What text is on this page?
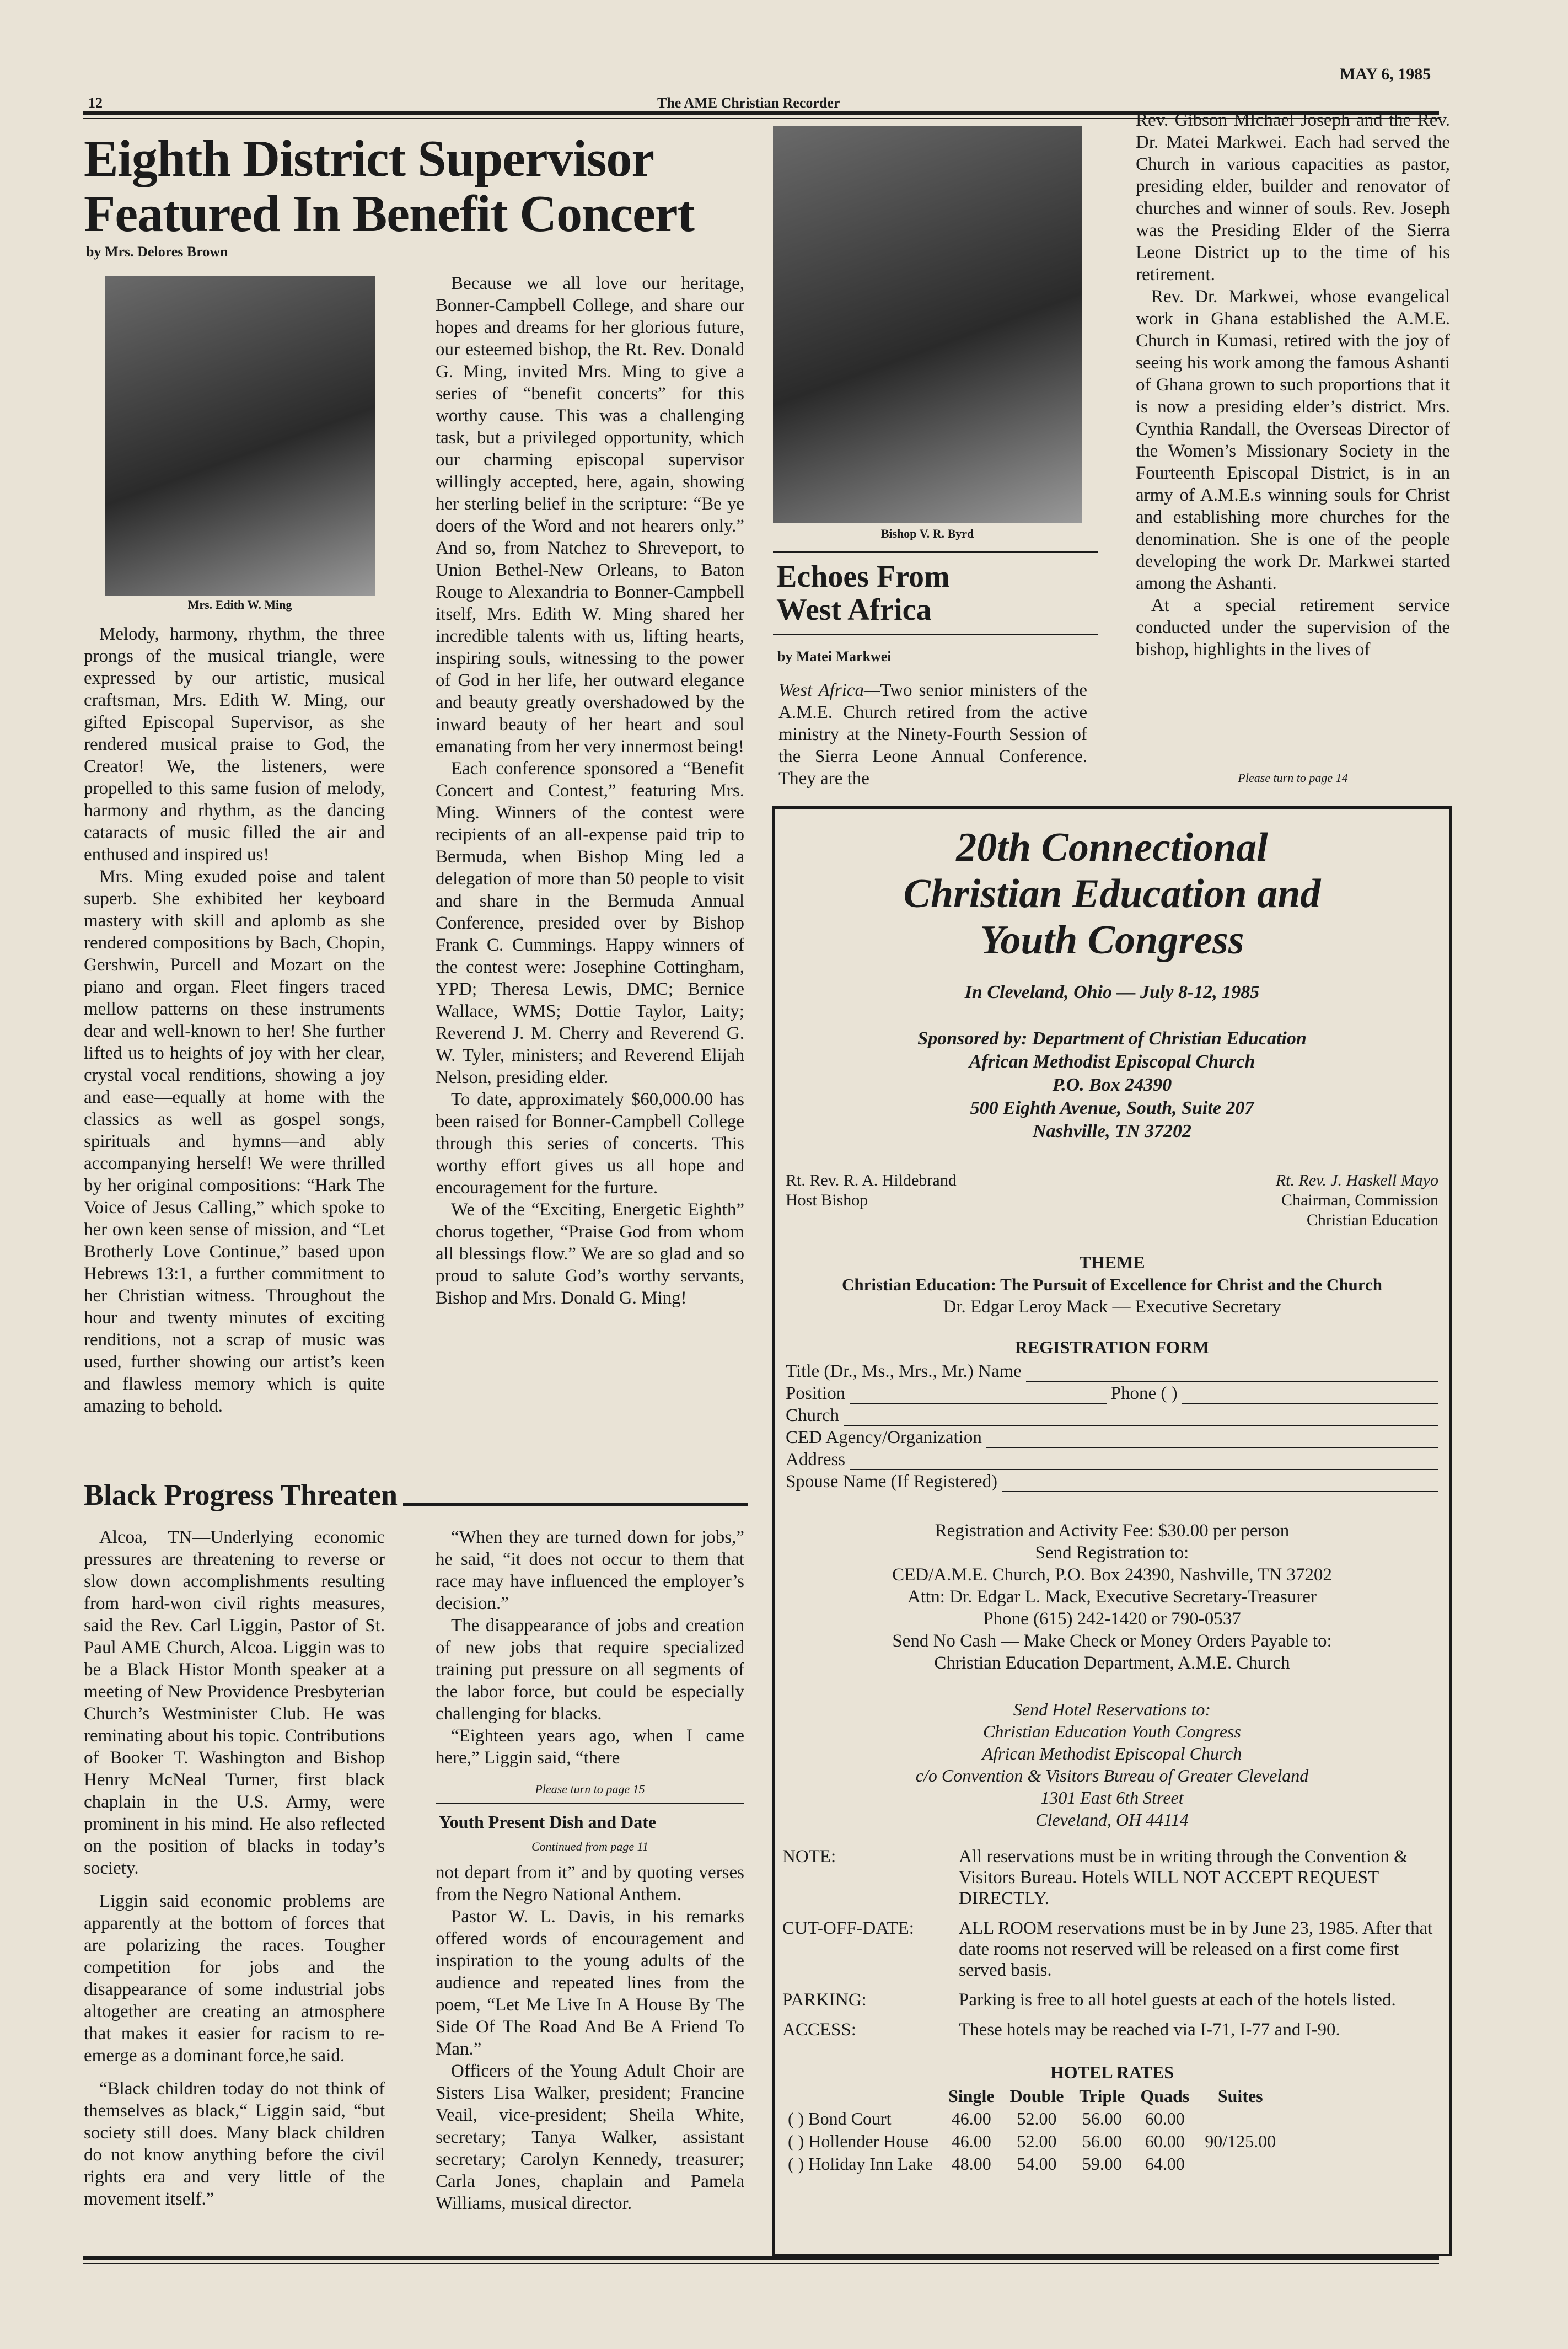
MAY 6, 1985
12	The AME Christian Recorder
Eighth District Supervisor
Featured In Benefit Concert
by Mrs. Delores Brown
Mrs. Edith W. Ming

Melody, harmony, rhythm, the three prongs of the musical triangle, were expressed by our artistic, musical craftsman, Mrs. Edith W. Ming, our gifted Episcopal Supervisor, as she rendered musical praise to God, the Creator! We, the listeners, were propelled to this same fusion of melody, harmony and rhythm, as the dancing cataracts of music filled the air and enthused and inspired us!

Mrs. Ming exuded poise and talent superb. She exhibited her keyboard mastery with skill and aplomb as she rendered compositions by Bach, Chopin, Gershwin, Purcell and Mozart on the piano and organ. Fleet fingers traced mellow patterns on these instruments dear and well-known to her! She further lifted us to heights of joy with her clear, crystal vocal renditions, showing a joy and ease—equally at home with the classics as well as gospel songs, spirituals and hymns—and ably accompanying herself! We were thrilled by her original compositions: “Hark The Voice of Jesus Calling,” which spoke to her own keen sense of mission, and “Let Brotherly Love Continue,” based upon Hebrews 13:1, a further commitment to her Christian witness. Throughout the hour and twenty minutes of exciting renditions, not a scrap of music was used, further showing our artist’s keen and flawless memory which is quite amazing to behold.

Because we all love our heritage, Bonner-Campbell College, and share our hopes and dreams for her glorious future, our esteemed bishop, the Rt. Rev. Donald G. Ming, invited Mrs. Ming to give a series of “benefit concerts” for this worthy cause. This was a challenging task, but a privileged opportunity, which our charming episcopal supervisor willingly accepted, here, again, showing her sterling belief in the scripture: “Be ye doers of the Word and not hearers only.” And so, from Natchez to Shreveport, to Union Bethel-New Orleans, to Baton Rouge to Alexandria to Bonner-Campbell itself, Mrs. Edith W. Ming shared her incredible talents with us, lifting hearts, inspiring souls, witnessing to the power of God in her life, her outward elegance and beauty greatly overshadowed by the inward beauty of her heart and soul emanating from her very innermost being!

Each conference sponsored a “Benefit Concert and Contest,” featuring Mrs. Ming. Winners of the contest were recipients of an all-expense paid trip to Bermuda, when Bishop Ming led a delegation of more than 50 people to visit and share in the Bermuda Annual Conference, presided over by Bishop Frank C. Cummings. Happy winners of the contest were: Josephine Cottingham, YPD; Theresa Lewis, DMC; Bernice Wallace, WMS; Dottie Taylor, Laity; Reverend J. M. Cherry and Reverend G. W. Tyler, ministers; and Reverend Elijah Nelson, presiding elder.

To date, approximately $60,000.00 has been raised for Bonner-Campbell College through this series of concerts. This worthy effort gives us all hope and encouragement for the furture.

We of the “Exciting, Energetic Eighth” chorus together, “Praise God from whom all blessings flow.” We are so glad and so proud to salute God’s worthy servants, Bishop and Mrs. Donald G. Ming!

Bishop V. R. Byrd
Echoes From
West Africa
by Matei Markwei
West Africa—Two senior ministers of the A.M.E. Church retired from the active ministry at the Ninety-Fourth Session of the Sierra Leone Annual Conference. They are the

Rev. Gibson MIchael Joseph and the Rev. Dr. Matei Markwei. Each had served the Church in various capacities as pastor, presiding elder, builder and renovator of churches and winner of souls. Rev. Joseph was the Presiding Elder of the Sierra Leone District up to the time of his retirement.

Rev. Dr. Markwei, whose evangelical work in Ghana established the A.M.E. Church in Kumasi, retired with the joy of seeing his work among the famous Ashanti of Ghana grown to such proportions that it is now a presiding elder’s district. Mrs. Cynthia Randall, the Overseas Director of the Women’s Missionary Society in the Fourteenth Episcopal District, is in an army of A.M.E.s winning souls for Christ and establishing more churches for the denomination. She is one of the people developing the work Dr. Markwei started among the Ashanti.

At a special retirement service conducted under the supervision of the bishop, highlights in the lives of

Please turn to page 14
Black Progress Threaten

Alcoa, TN—Underlying economic pressures are threatening to reverse or slow down accomplishments resulting from hard-won civil rights measures, said the Rev. Carl Liggin, Pastor of St. Paul AME Church, Alcoa. Liggin was to be a Black Histor Month speaker at a meeting of New Providence Presbyterian Church’s Westminister Club. He was reminating about his topic. Contributions of Booker T. Washington and Bishop Henry McNeal Turner, first black chaplain in the U.S. Army, were prominent in his mind. He also reflected on the position of blacks in today’s society.

Liggin said economic problems are apparently at the bottom of forces that are polarizing the races. Tougher competition for jobs and the disappearance of some industrial jobs altogether are creating an atmosphere that makes it easier for racism to re-emerge as a dominant force,he said.

“Black children today do not think of themselves as black,“ Liggin said, “but society still does. Many black children do not know anything before the civil rights era and very little of the movement itself.”

“When they are turned down for jobs,” he said, “it does not occur to them that race may have influenced the employer’s decision.”

The disappearance of jobs and creation of new jobs that require specialized training put pressure on all segments of the labor force, but could be especially challenging for blacks.

“Eighteen years ago, when I came here,” Liggin said, “there

Please turn to page 15
Youth Present Dish and Date
Continued from page 11

not depart from it” and by quoting verses from the Negro National Anthem.

Pastor W. L. Davis, in his remarks offered words of encouragement and inspiration to the young adults of the audience and repeated lines from the poem, “Let Me Live In A House By The Side Of The Road And Be A Friend To Man.”

Officers of the Young Adult Choir are Sisters Lisa Walker, president; Francine Veail, vice-president; Sheila White, secretary; Tanya Walker, assistant secretary; Carolyn Kennedy, treasurer; Carla Jones, chaplain and Pamela Williams, musical director.

20th Connectional
Christian Education and
Youth Congress
In Cleveland, Ohio — July 8-12, 1985
Sponsored by: Department of Christian Education
African Methodist Episcopal Church
P.O. Box 24390
500 Eighth Avenue, South, Suite 207
Nashville, TN 37202
Rt. Rev. R. A. Hildebrand
Host Bishop
Rt. Rev. J. Haskell Mayo
Chairman, Commission
Christian Education
THEME
Christian Education: The Pursuit of Excellence for Christ and the Church
Dr. Edgar Leroy Mack — Executive Secretary
REGISTRATION FORM
Title (Dr., Ms., Mrs., Mr.) Name
Position	Phone ( )
Church
CED Agency/Organization
Address
Spouse Name (If Registered)
Registration and Activity Fee: $30.00 per person
Send Registration to:
CED/A.M.E. Church, P.O. Box 24390, Nashville, TN 37202
Attn: Dr. Edgar L. Mack, Executive Secretary-Treasurer
Phone (615) 242-1420 or 790-0537
Send No Cash — Make Check or Money Orders Payable to:
Christian Education Department, A.M.E. Church
Send Hotel Reservations to:
Christian Education Youth Congress
African Methodist Episcopal Church
c/o Convention & Visitors Bureau of Greater Cleveland
1301 East 6th Street
Cleveland, OH 44114
NOTE:	All reservations must be in writing through the Convention & Visitors Bureau. Hotels WILL NOT ACCEPT REQUEST DIRECTLY.
CUT-OFF-DATE:	ALL ROOM reservations must be in by June 23, 1985. After that date rooms not reserved will be released on a first come first served basis.
PARKING:	Parking is free to all hotel guests at each of the hotels listed.
ACCESS:	These hotels may be reached via I-71, I-77 and I-90.
HOTEL RATES
	Single	Double	Triple	Quads	Suites
( ) Bond Court	46.00	52.00	56.00	60.00	
( ) Hollender House	46.00	52.00	56.00	60.00	90/125.00
( ) Holiday Inn Lake	48.00	54.00	59.00	64.00	
